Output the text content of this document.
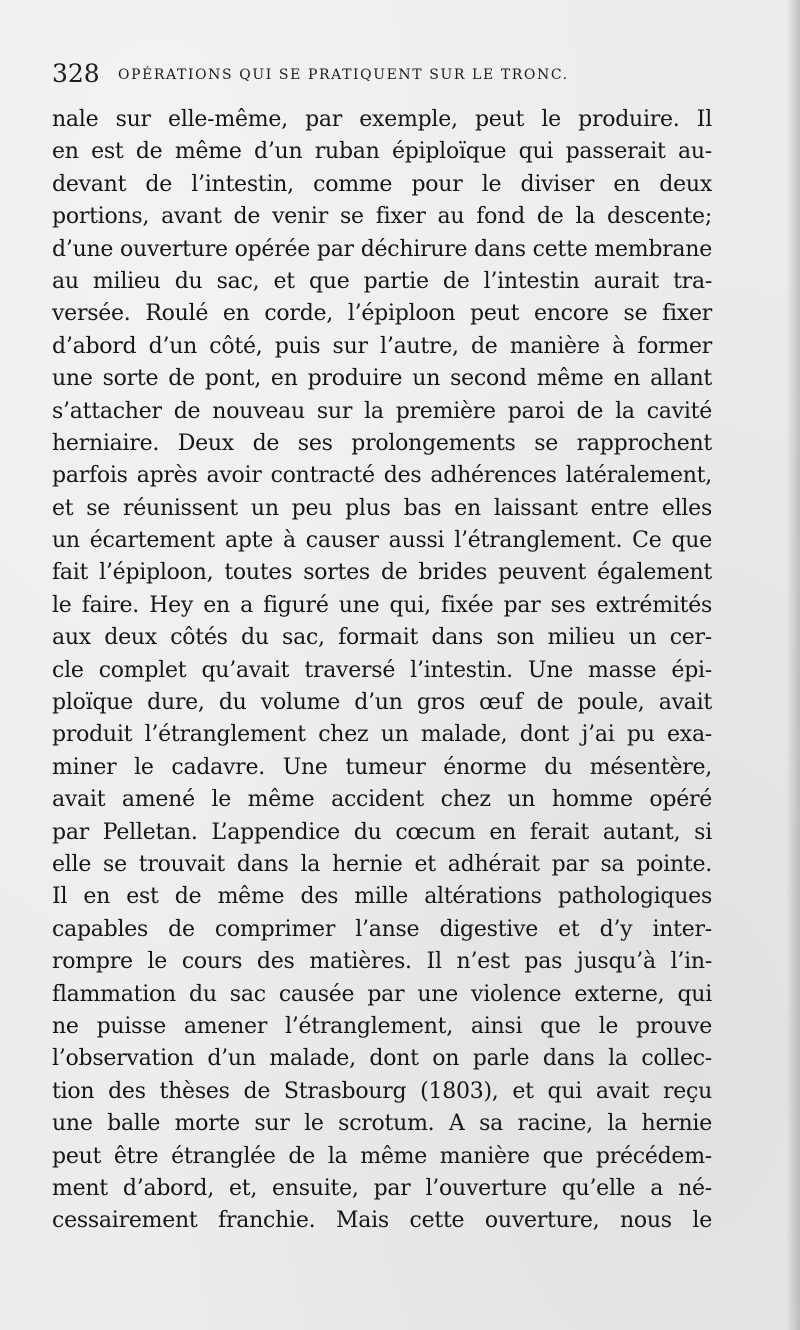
328 OPÉRATIONS QUI SE PRATIQUENT SUR LE TRONC.
nale sur elle-même, par exemple, peut le produire. Il
en est de même d’un ruban épiploïque qui passerait au-
devant de l’intestin, comme pour le diviser en deux
portions, avant de venir se fixer au fond de la descente;
d’une ouverture opérée par déchirure dans cette membrane
au milieu du sac, et que partie de l’intestin aurait tra-
versée. Roulé en corde, l’épiploon peut encore se fixer
d’abord d’un côté, puis sur l’autre, de manière à former
une sorte de pont, en produire un second même en allant
s’attacher de nouveau sur la première paroi de la cavité
herniaire. Deux de ses prolongements se rapprochent
parfois après avoir contracté des adhérences latéralement,
et se réunissent un peu plus bas en laissant entre elles
un écartement apte à causer aussi l’étranglement. Ce que
fait l’épiploon, toutes sortes de brides peuvent également
le faire. Hey en a figuré une qui, fixée par ses extrémités
aux deux côtés du sac, formait dans son milieu un cer-
cle complet qu’avait traversé l’intestin. Une masse épi-
ploïque dure, du volume d’un gros œuf de poule, avait
produit l’étranglement chez un malade, dont j’ai pu exa-
miner le cadavre. Une tumeur énorme du mésentère,
avait amené le même accident chez un homme opéré
par Pelletan. L’appendice du cœcum en ferait autant, si
elle se trouvait dans la hernie et adhérait par sa pointe.
Il en est de même des mille altérations pathologiques
capables de comprimer l’anse digestive et d’y inter-
rompre le cours des matières. Il n’est pas jusqu’à l’in-
flammation du sac causée par une violence externe, qui
ne puisse amener l’étranglement, ainsi que le prouve
l’observation d’un malade, dont on parle dans la collec-
tion des thèses de Strasbourg (1803), et qui avait reçu
une balle morte sur le scrotum. A sa racine, la hernie
peut être étranglée de la même manière que précédem-
ment d’abord, et, ensuite, par l’ouverture qu’elle a né-
cessairement franchie. Mais cette ouverture, nous le
